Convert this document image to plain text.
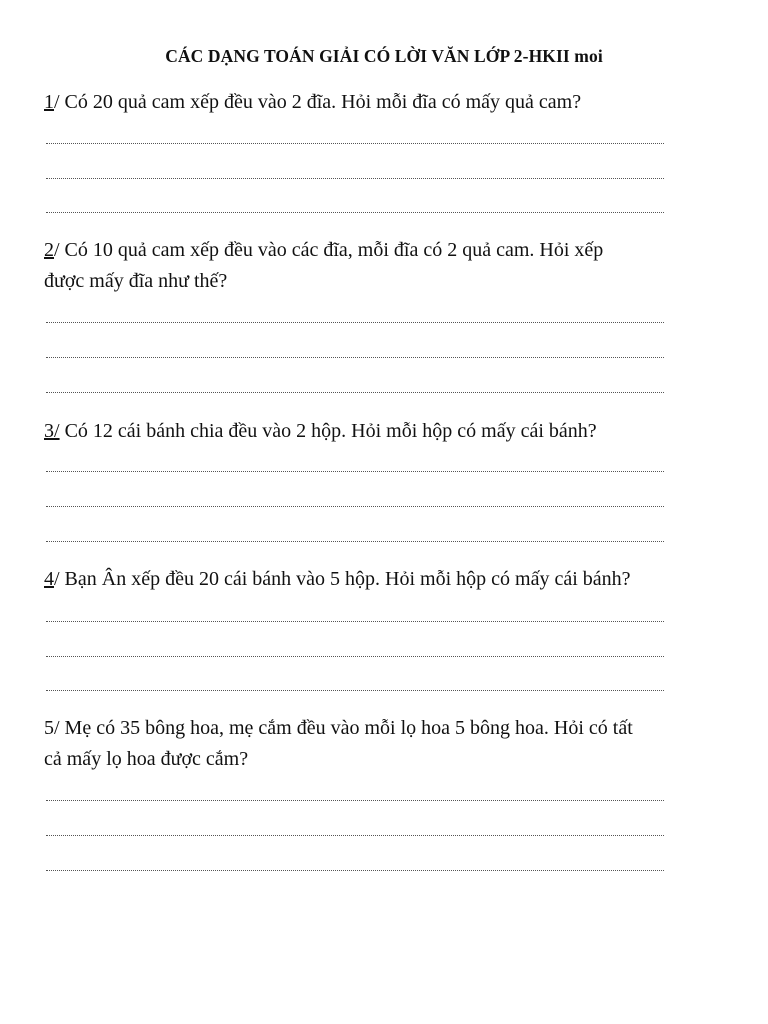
CÁC DẠNG TOÁN GIẢI CÓ LỜI VĂN LỚP 2-HKII moi
1/ Có 20 quả cam xếp đều vào 2 đĩa. Hỏi mỗi đĩa có mấy quả cam?
2/ Có 10 quả cam xếp đều vào các đĩa, mỗi đĩa có 2 quả cam. Hỏi xếp
được mấy đĩa như thế?
3/ Có 12 cái bánh chia đều vào 2 hộp. Hỏi mỗi hộp có mấy cái bánh?
4/ Bạn Ân xếp đều 20 cái bánh vào 5 hộp. Hỏi mỗi hộp có mấy cái bánh?
5/ Mẹ có 35 bông hoa, mẹ cắm đều vào mỗi lọ hoa 5 bông hoa. Hỏi có tất
cả mấy lọ hoa được cắm?
